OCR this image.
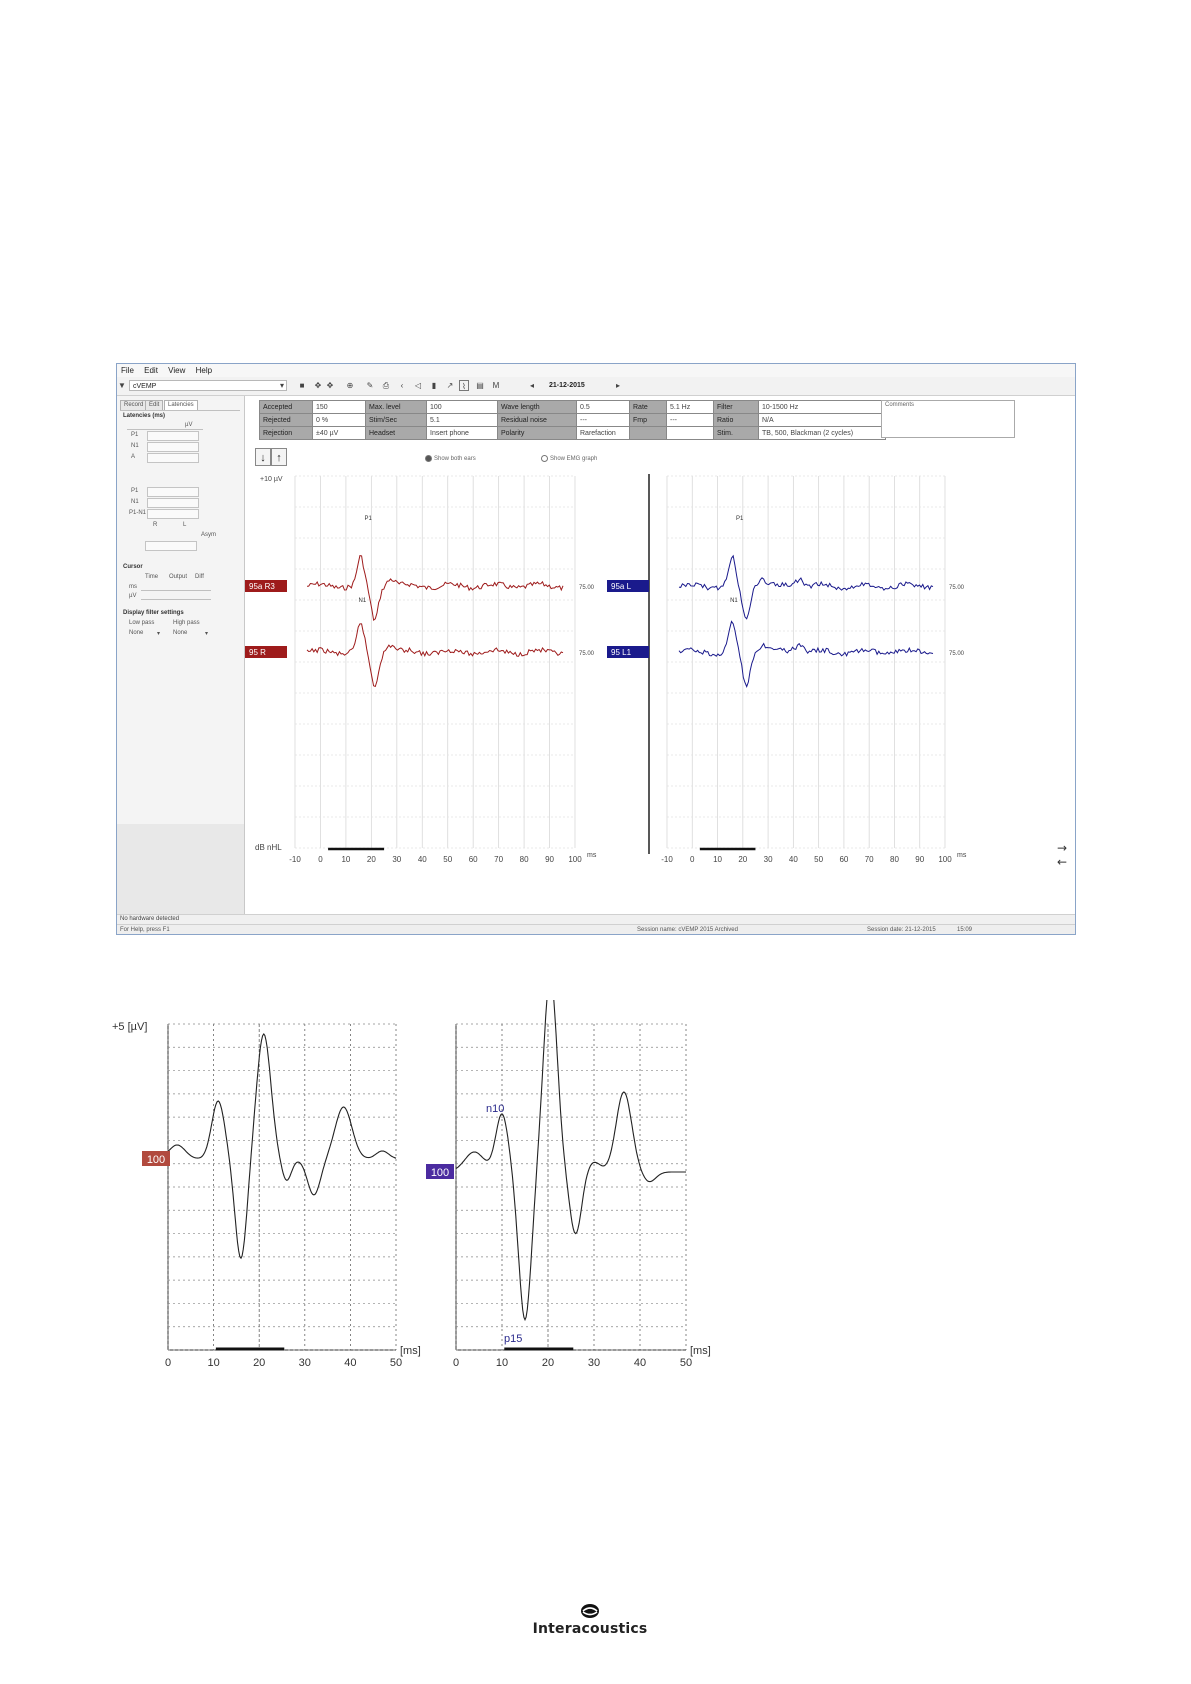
File Edit View Help
▼	cVEMP	▾	■	✥ ✥ ⊕ ✎ ⎙	‹	◁	▮	↗	⌇	▤ M	◂	21-12-2015	▸
Record Edit	Latencies
Latencies (ms)
µV
P1
N1
A
P1
N1
P1-N1
R	L
Asym
Cursor
Time Output Diff
ms
µV
Display filter settings
Low pass	High pass
None ▾ None	▾
Accepted	150	Max. level	100	Wave length	0.5	Rate	5.1 Hz	Filter	10-1500 Hz
Rejected	0 %	Stim/Sec	5.1	Residual noise	---	Fmp	---	Ratio	N/A
Rejection	±40 µV	Headset	Insert phone	Polarity	Rarefaction			Stim.	TB, 500, Blackman (2 cycles)
Comments
↓ ↑
+10 µV
Show both ears	Show EMG graph
-10 0 10 20 30 40 50 60 70 80 90 100 ms
95a R3	75.00
95 R	75.00
P1
N1
-10 0 10 20 30 40 50 60 70 80 90 100 ms
95a L	75.00
95 L1	75.00
P1
N1
dB nHL	→
←
No hardware detected
For Help, press F1	Session name: cVEMP 2015 Archived	Session date: 21-12-2015	15:09
0	10	20	30	40	50
[ms]
100
0	10	20	30	40	50
[ms]
100
+5 [µV]
n10
p15
Interacoustics
